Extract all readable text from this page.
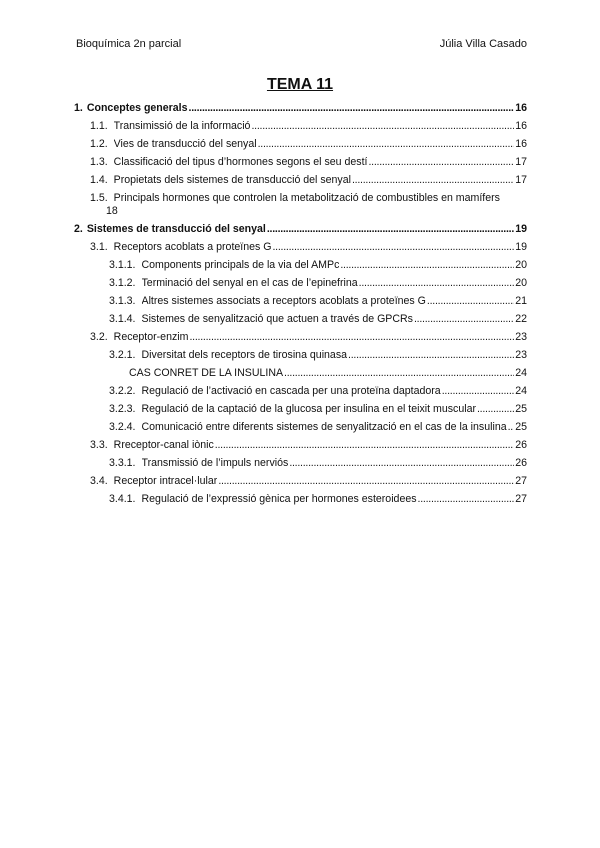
Bioquímica 2n parcial	Júlia Villa Casado
TEMA 11
1. Conceptes generals . . .	16
1.1. Transimissió de la informació . . .	16
1.2. Vies de transducció del senyal . . .	16
1.3. Classificació del tipus d’hormones segons el seu destí . . .	17
1.4. Propietats dels sistemes de transducció del senyal . . .	17
1.5. Principals hormones que controlen la metabolització de combustibles en mamífers
18
2. Sistemes de transducció del senyal . . .	19
3.1. Receptors acoblats a proteïnes G . . .	19
3.1.1. Components principals de la via del AMPc . . .	20
3.1.2. Terminació del senyal en el cas de l’epinefrina . . .	20
3.1.3. Altres sistemes associats a receptors acoblats a proteïnes G . . .	21
3.1.4. Sistemes de senyalització que actuen a través de GPCRs . . .	22
3.2. Receptor-enzim . . .	23
3.2.1. Diversitat dels receptors de tirosina quinasa . . .	23
CAS CONRET DE LA INSULINA . . .	24
3.2.2. Regulació de l’activació en cascada per una proteïna daptadora . . .	24
3.2.3. Regulació de la captació de la glucosa per insulina en el teixit muscular . . .	25
3.2.4. Comunicació entre diferents sistemes de senyalització en el cas de la insulina . . . 25
3.3. Rreceptor-canal iònic . . .	26
3.3.1. Transmissió de l’impuls nerviós . . .	26
3.4. Receptor intracel·lular . . .	27
3.4.1. Regulació de l’expressió gènica per hormones esteroidees . . .	27
